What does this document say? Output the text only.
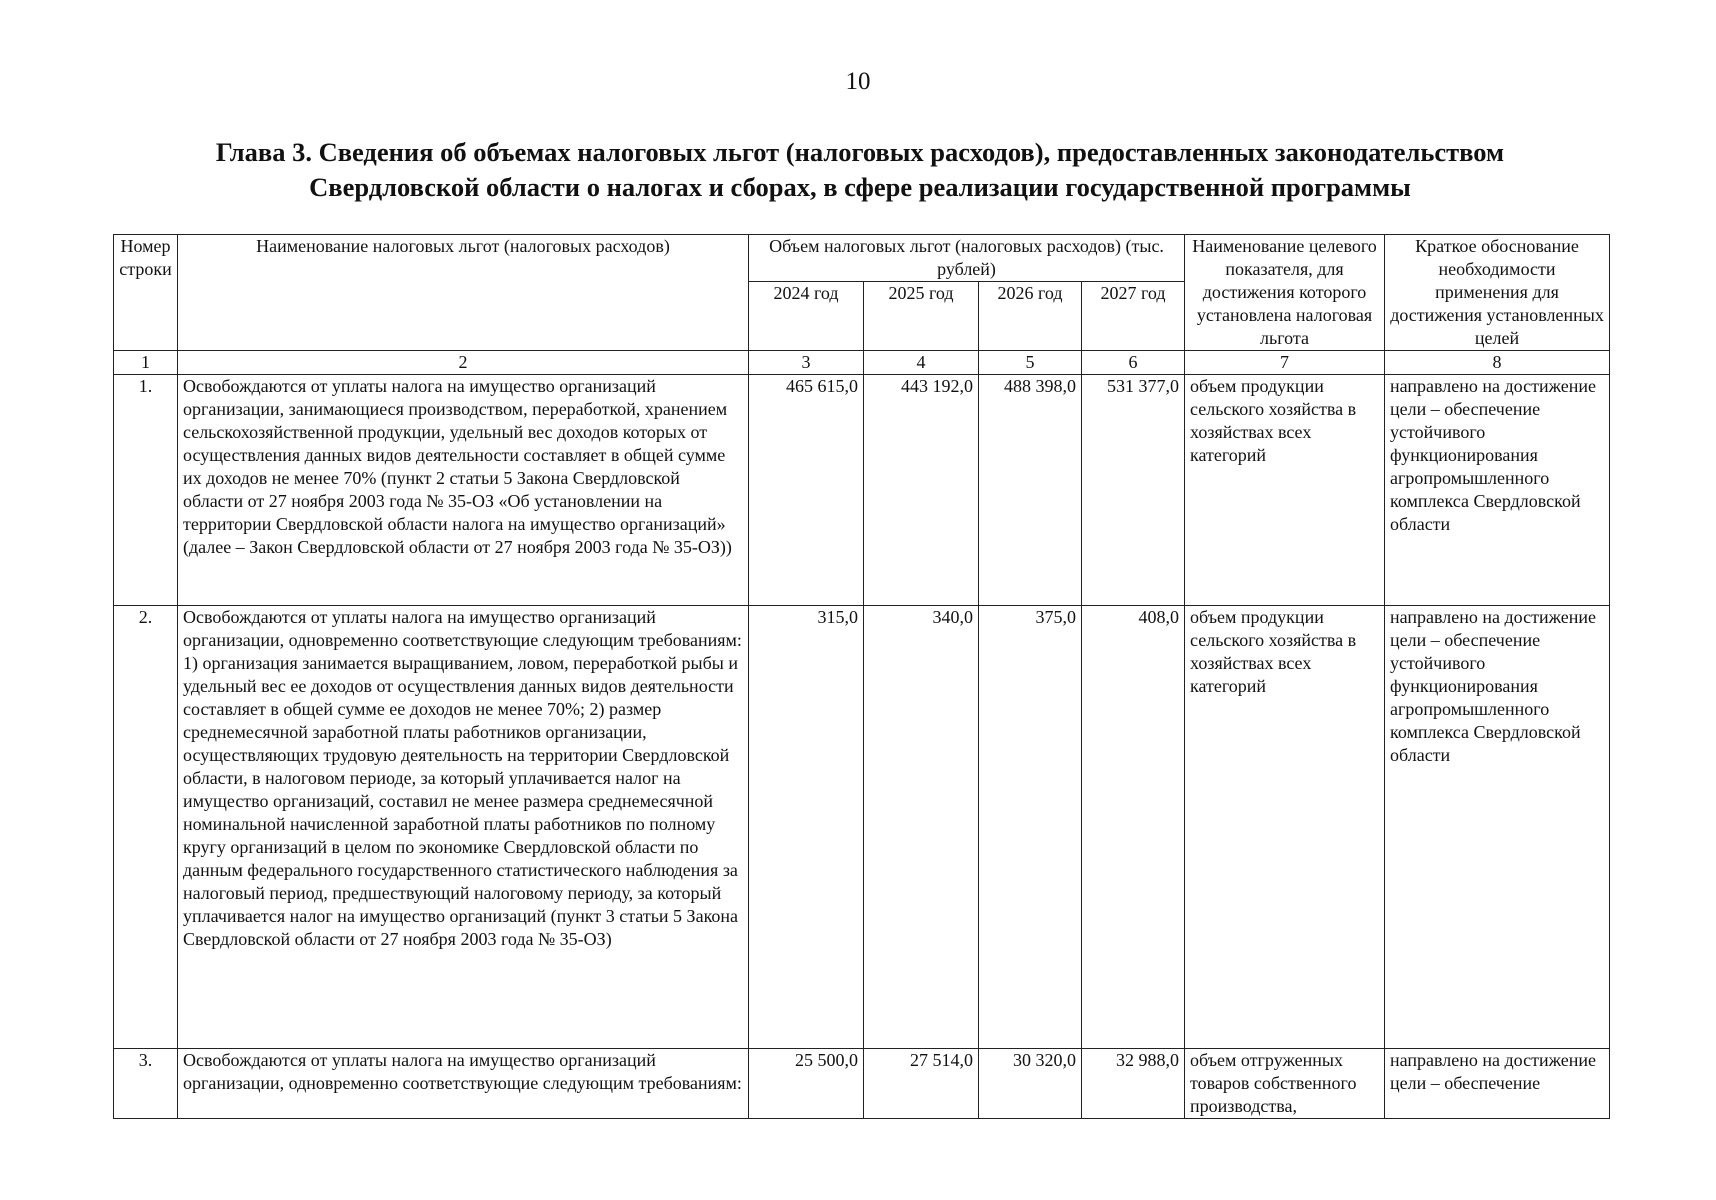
10
Глава 3. Сведения об объемах налоговых льгот (налоговых расходов), предоставленных законодательством
Свердловской области о налогах и сборах, в сфере реализации государственной программы
Номер строки	Наименование налоговых льгот (налоговых расходов)	Объем налоговых льгот (налоговых расходов) (тыс. рублей)				Наименование целевого показателя, для достижения которого установлена налоговая льгота	Краткое обоснование необходимости применения для достижения установленных целей
		2024 год	2025 год	2026 год	2027 год		
1	2	3	4	5	6	7	8
1.	Освобождаются от уплаты налога на имущество организаций организации, занимающиеся производством, переработкой, хранением сельскохозяйственной продукции, удельный вес доходов которых от осуществления данных видов деятельности составляет в общей сумме их доходов не менее 70% (пункт 2 статьи 5 Закона Свердловской области от 27 ноября 2003 года № 35-ОЗ «Об установлении на территории Свердловской области налога на имущество организаций» (далее – Закон Свердловской области от 27 ноября 2003 года № 35-ОЗ))	465 615,0	443 192,0	488 398,0	531 377,0	объем продукции сельского хозяйства в хозяйствах всех категорий	направлено на достижение цели – обеспечение устойчивого функционирования агропромышленного комплекса Свердловской области
2.	Освобождаются от уплаты налога на имущество организаций организации, одновременно соответствующие следующим требованиям: 1) организация занимается выращиванием, ловом, переработкой рыбы и удельный вес ее доходов от осуществления данных видов деятельности составляет в общей сумме ее доходов не менее 70%; 2) размер среднемесячной заработной платы работников организации, осуществляющих трудовую деятельность на территории Свердловской области, в налоговом периоде, за который уплачивается налог на имущество организаций, составил не менее размера среднемесячной номинальной начисленной заработной платы работников по полному кругу организаций в целом по экономике Свердловской области по данным федерального государственного статистического наблюдения за налоговый период, предшествующий налоговому периоду, за который уплачивается налог на имущество организаций (пункт 3 статьи 5 Закона Свердловской области от 27 ноября 2003 года № 35-ОЗ)	315,0	340,0	375,0	408,0	объем продукции сельского хозяйства в хозяйствах всех категорий	направлено на достижение цели – обеспечение устойчивого функционирования агропромышленного комплекса Свердловской области
3.	Освобождаются от уплаты налога на имущество организаций организации, одновременно соответствующие следующим требованиям:	25 500,0	27 514,0	30 320,0	32 988,0	объем отгруженных товаров собственного производства,	направлено на достижение цели – обеспечение
